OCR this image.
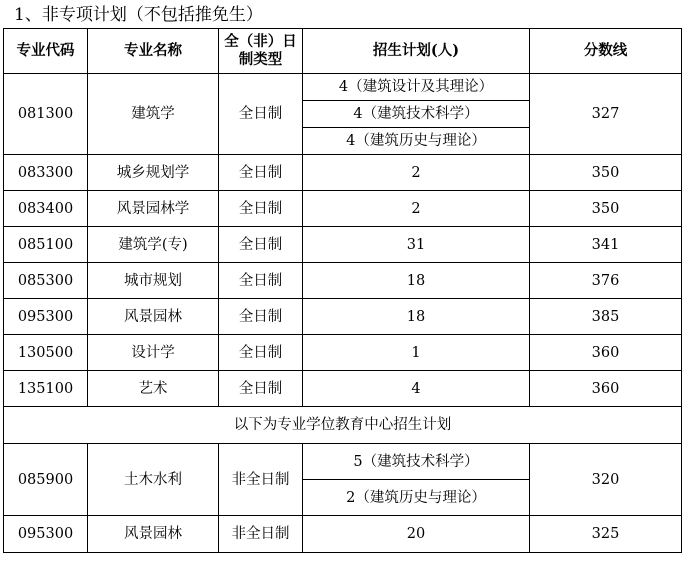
1、非专项计划（不包括推免生）
专业代码	专业名称	全（非）日制类型	招生计划(人)	分数线
081300	建筑学	全日制	4（建筑设计及其理论）	327
			4（建筑技术科学）	
			4（建筑历史与理论）	
083300	城乡规划学	全日制	2	350
083400	风景园林学	全日制	2	350
085100	建筑学(专)	全日制	31	341
085300	城市规划	全日制	18	376
095300	风景园林	全日制	18	385
130500	设计学	全日制	1	360
135100	艺术	全日制	4	360
以下为专业学位教育中心招生计划				
085900	土木水利	非全日制	5（建筑技术科学）	320
			2（建筑历史与理论）	
095300	风景园林	非全日制	20	325
